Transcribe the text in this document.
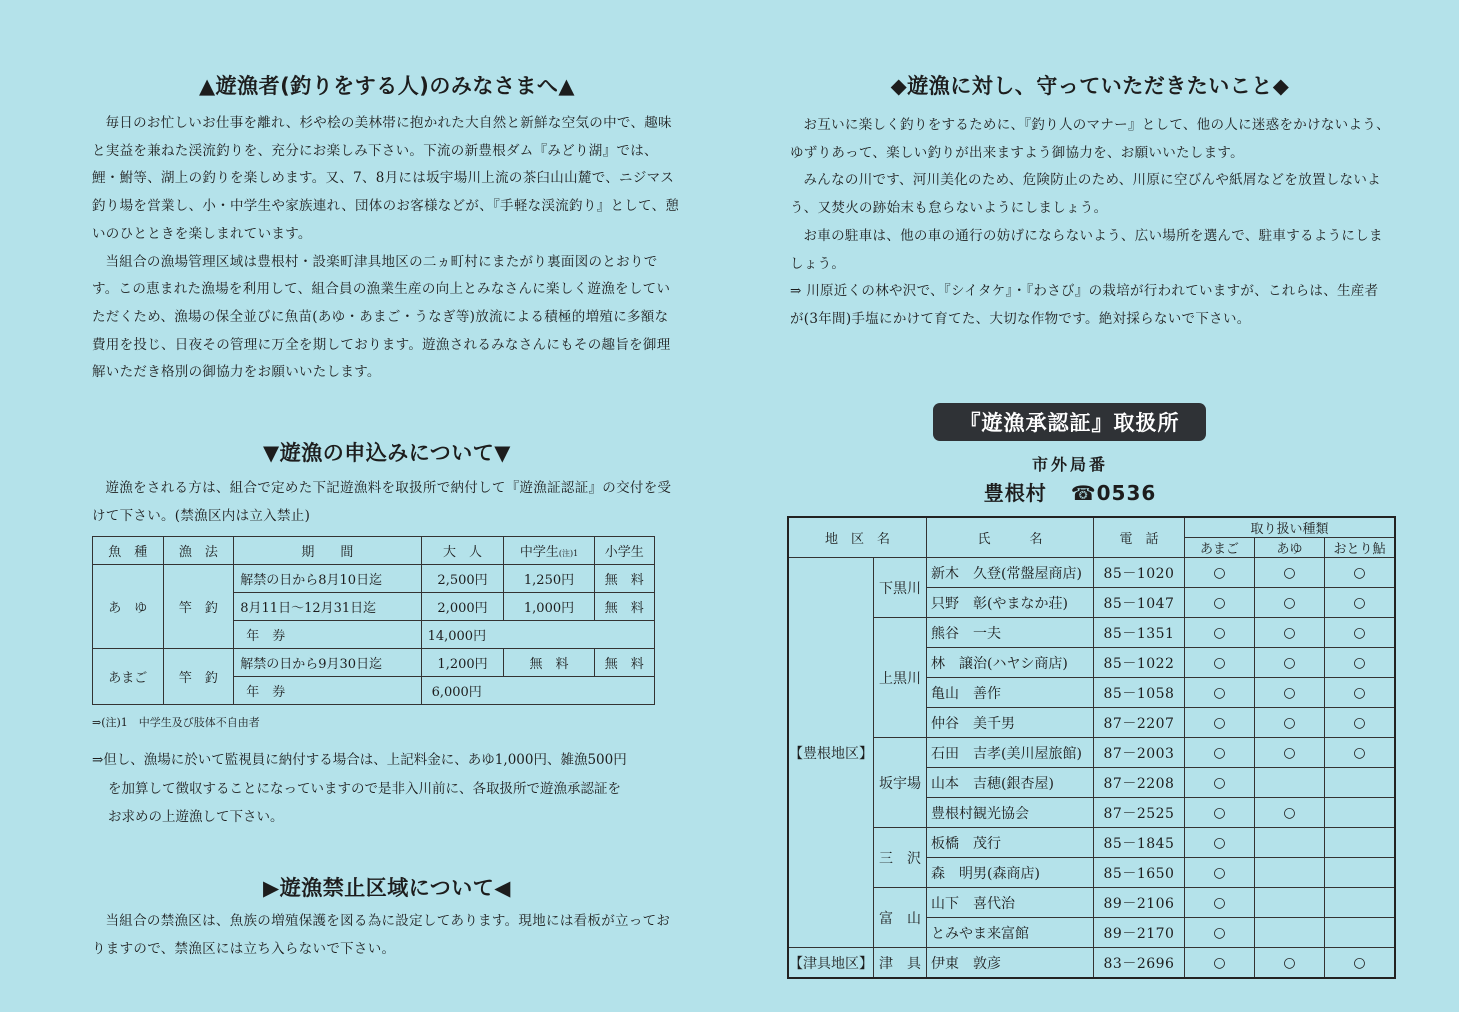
▲遊漁者(釣りをする人)のみなさまへ▲

毎日のお忙しいお仕事を離れ、杉や桧の美林帯に抱かれた大自然と新鮮な空気の中で、趣味と実益を兼ねた渓流釣りを、充分にお楽しみ下さい。下流の新豊根ダム『みどり湖』では、鯉・鮒等、湖上の釣りを楽しめます。又、7、8月には坂宇場川上流の茶臼山山麓で、ニジマス釣り場を営業し、小・中学生や家族連れ、団体のお客様などが、『手軽な渓流釣り』として、憩いのひとときを楽しまれています。

当組合の漁場管理区域は豊根村・設楽町津具地区の二ヵ町村にまたがり裏面図のとおりです。この恵まれた漁場を利用して、組合員の漁業生産の向上とみなさんに楽しく遊漁をしていただくため、漁場の保全並びに魚苗(あゆ・あまご・うなぎ等)放流による積極的増殖に多額な費用を投じ、日夜その管理に万全を期しております。遊漁されるみなさんにもその趣旨を御理解いただき格別の御協力をお願いいたします。

▼遊漁の申込みについて▼

遊漁をされる方は、組合で定めた下記遊漁料を取扱所で納付して『遊漁証認証』の交付を受けて下さい。(禁漁区内は立入禁止)

魚　種	漁　法	期　　間	大　人	中学生(注)1	小学生
あ　ゆ	竿　釣	解禁の日から8月10日迄	2,500円	1,250円	無　料
		8月11日～12月31日迄	2,000円	1,000円	無　料
		年　券	14,000円		
あまご	竿　釣	解禁の日から9月30日迄	1,200円	無　料	無　料
		年　券	6,000円		
⇒(注)1　中学生及び肢体不自由者
⇒但し、漁場に於いて監視員に納付する場合は、上記料金に、あゆ1,000円、雑漁500円
を加算して徴収することになっていますので是非入川前に、各取扱所で遊漁承認証を
お求めの上遊漁して下さい。
▶遊漁禁止区域について◀

当組合の禁漁区は、魚族の増殖保護を図る為に設定してあります。現地には看板が立っておりますので、禁漁区には立ち入らないで下さい。

◆遊漁に対し、守っていただきたいこと◆

お互いに楽しく釣りをするために、『釣り人のマナー』として、他の人に迷惑をかけないよう、ゆずりあって、楽しい釣りが出来ますよう御協力を、お願いいたします。

みんなの川です、河川美化のため、危険防止のため、川原に空びんや紙屑などを放置しないよう、又焚火の跡始末も怠らないようにしましょう。

お車の駐車は、他の車の通行の妨げにならないよう、広い場所を選んで、駐車するようにしましょう。

⇒ 川原近くの林や沢で、『シイタケ』・『わさび』の栽培が行われていますが、これらは、生産者が(3年間)手塩にかけて育てた、大切な作物です。絶対採らないで下さい。

『遊漁承認証』取扱所
市外局番
豊根村 ☎0536
地　区　名		氏　　　名	電　話	取り扱い種類		
				あまご	あゆ	おとり鮎
【豊根地区】	下黒川	新木　久登(常盤屋商店)	85－1020	○	○	○
		只野　彰(やまなか荘)	85－1047	○	○	○
	上黒川	熊谷　一夫	85－1351	○	○	○
		林　譲治(ハヤシ商店)	85－1022	○	○	○
		亀山　善作	85－1058	○	○	○
		仲谷　美千男	87－2207	○	○	○
	坂宇場	石田　吉孝(美川屋旅館)	87－2003	○	○	○
		山本　吉穂(銀杏屋)	87－2208	○		
		豊根村観光協会	87－2525	○	○	
	三　沢	板橋　茂行	85－1845	○		
		森　明男(森商店)	85－1650	○		
	富　山	山下　喜代治	89－2106	○		
		とみやま来富館	89－2170	○		
【津具地区】	津　具	伊東　敦彦	83－2696	○	○	○
